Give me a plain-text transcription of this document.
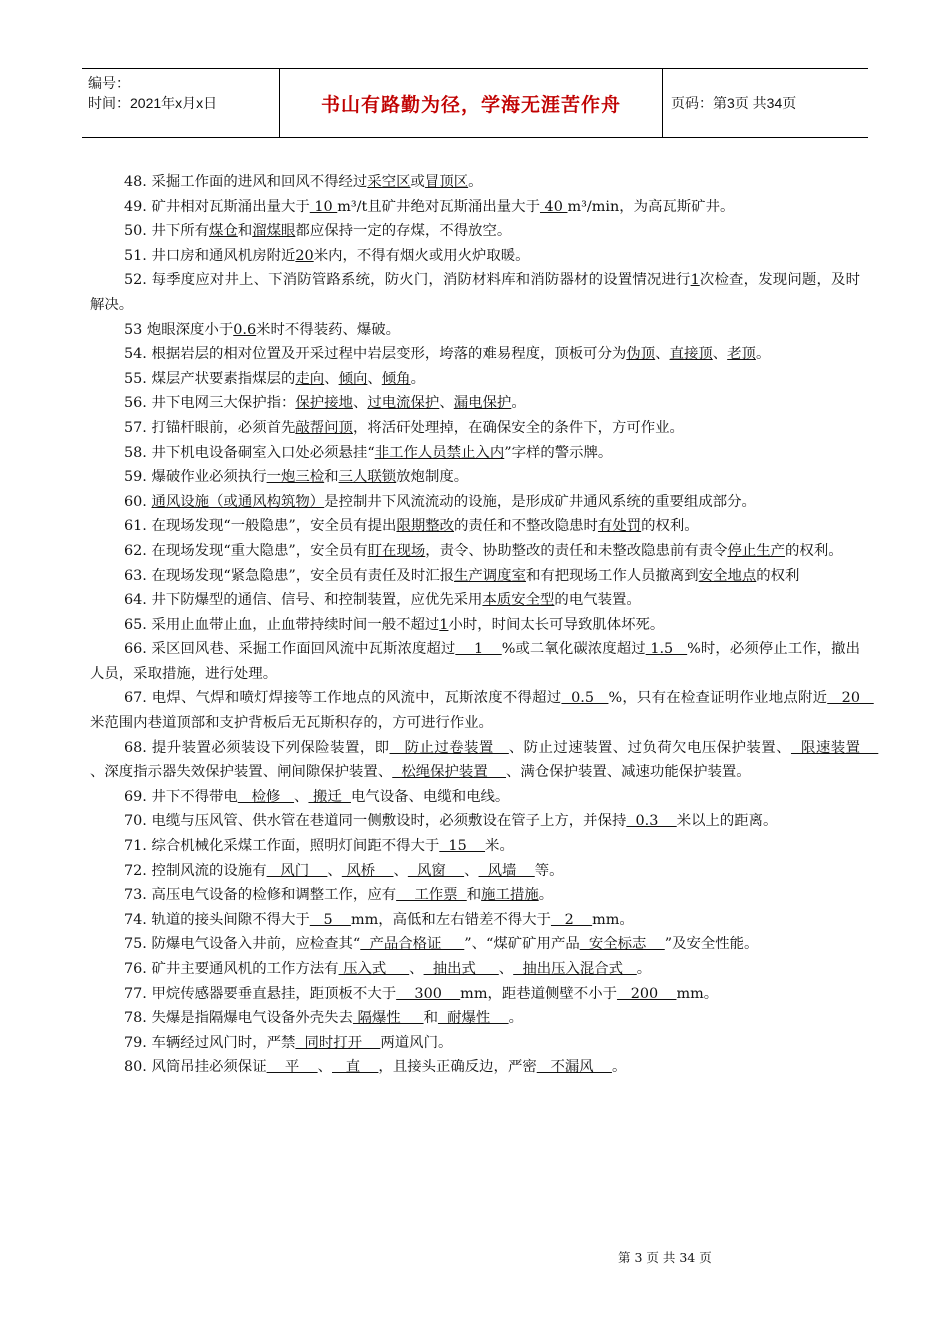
编号：
时间：2021年x月x日	书山有路勤为径，学海无涯苦作舟	页码：第3页 共34页
48. 采掘工作面的进风和回风不得经过采空区或冒顶区。
49. 矿井相对瓦斯涌出量大于 10 m³/t且矿井绝对瓦斯涌出量大于 40 m³/min，为高瓦斯矿井。
50. 井下所有煤仓和溜煤眼都应保持一定的存煤，不得放空。
51. 井口房和通风机房附近20米内，不得有烟火或用火炉取暖。
52. 每季度应对井上、下消防管路系统，防火门，消防材料库和消防器材的设置情况进行1次检查，发现问题，及时解决。
53 炮眼深度小于0.6米时不得装药、爆破。
54. 根据岩层的相对位置及开采过程中岩层变形，垮落的难易程度，顶板可分为伪顶、直接顶、老顶。
55. 煤层产状要素指煤层的走向、倾向、倾角。
56. 井下电网三大保护指：保护接地、过电流保护、漏电保护。
57. 打锚杆眼前，必须首先敲帮问顶，将活矸处理掉，在确保安全的条件下，方可作业。
58. 井下机电设备硐室入口处必须悬挂“非工作人员禁止入内”字样的警示牌。
59. 爆破作业必须执行一炮三检和三人联锁放炮制度。
60. 通风设施（或通风构筑物）是控制井下风流流动的设施，是形成矿井通风系统的重要组成部分。
61. 在现场发现“一般隐患”，安全员有提出限期整改的责任和不整改隐患时有处罚的权利。
62. 在现场发现“重大隐患”，安全员有盯在现场，责令、协助整改的责任和未整改隐患前有责令停止生产的权利。
63. 在现场发现“紧急隐患”，安全员有责任及时汇报生产调度室和有把现场工作人员撤离到安全地点的权利
64. 井下防爆型的通信、信号、和控制装置，应优先采用本质安全型的电气装置。
65. 采用止血带止血，止血带持续时间一般不超过1小时，时间太长可导致肌体坏死。
66. 采区回风巷、采掘工作面回风流中瓦斯浓度超过    1    %或二氧化碳浓度超过 1.5   %时，必须停止工作，撤出人员，采取措施，进行处理。
67. 电焊、气焊和喷灯焊接等工作地点的风流中，瓦斯浓度不得超过  0.5   %，只有在检查证明作业地点附近   20   米范围内巷道顶部和支护背板后无瓦斯积存的，方可进行作业。
68. 提升装置必须装设下列保险装置，即   防止过卷装置   、防止过速装置、过负荷欠电压保护装置、  限速装置    、深度指示器失效保护装置、闸间隙保护装置、  松绳保护装置    、满仓保护装置、减速功能保护装置。
69. 井下不得带电   检修   、 搬迁  电气设备、电缆和电线。
70. 电缆与压风管、供水管在巷道同一侧敷设时，必须敷设在管子上方，并保持  0.3    米以上的距离。
71. 综合机械化采煤工作面，照明灯间距不得大于  15    米。
72. 控制风流的设施有   风门    、 风桥    、  风窗    、  风墙    等。
73. 高压电气设备的检修和调整工作，应有    工作票  和施工措施。
74. 轨道的接头间隙不得大于   5    mm，高低和左右错差不得大于   2    mm。
75. 防爆电气设备入井前，应检查其“  产品合格证     ”、“煤矿矿用产品  安全标志    ”及安全性能。
76. 矿井主要通风机的工作方法有 压入式     、  抽出式     、  抽出压入混合式   。
77. 甲烷传感器要垂直悬挂，距顶板不大于    300    mm，距巷道侧壁不小于   200    mm。
78. 失爆是指隔爆电气设备外壳失去 隔爆性     和  耐爆性    。
79. 车辆经过风门时，严禁  同时打开    两道风门。
80. 风筒吊挂必须保证    平    、   直    ，且接头正确反边，严密   不漏风    。
第 3 页 共 34 页
